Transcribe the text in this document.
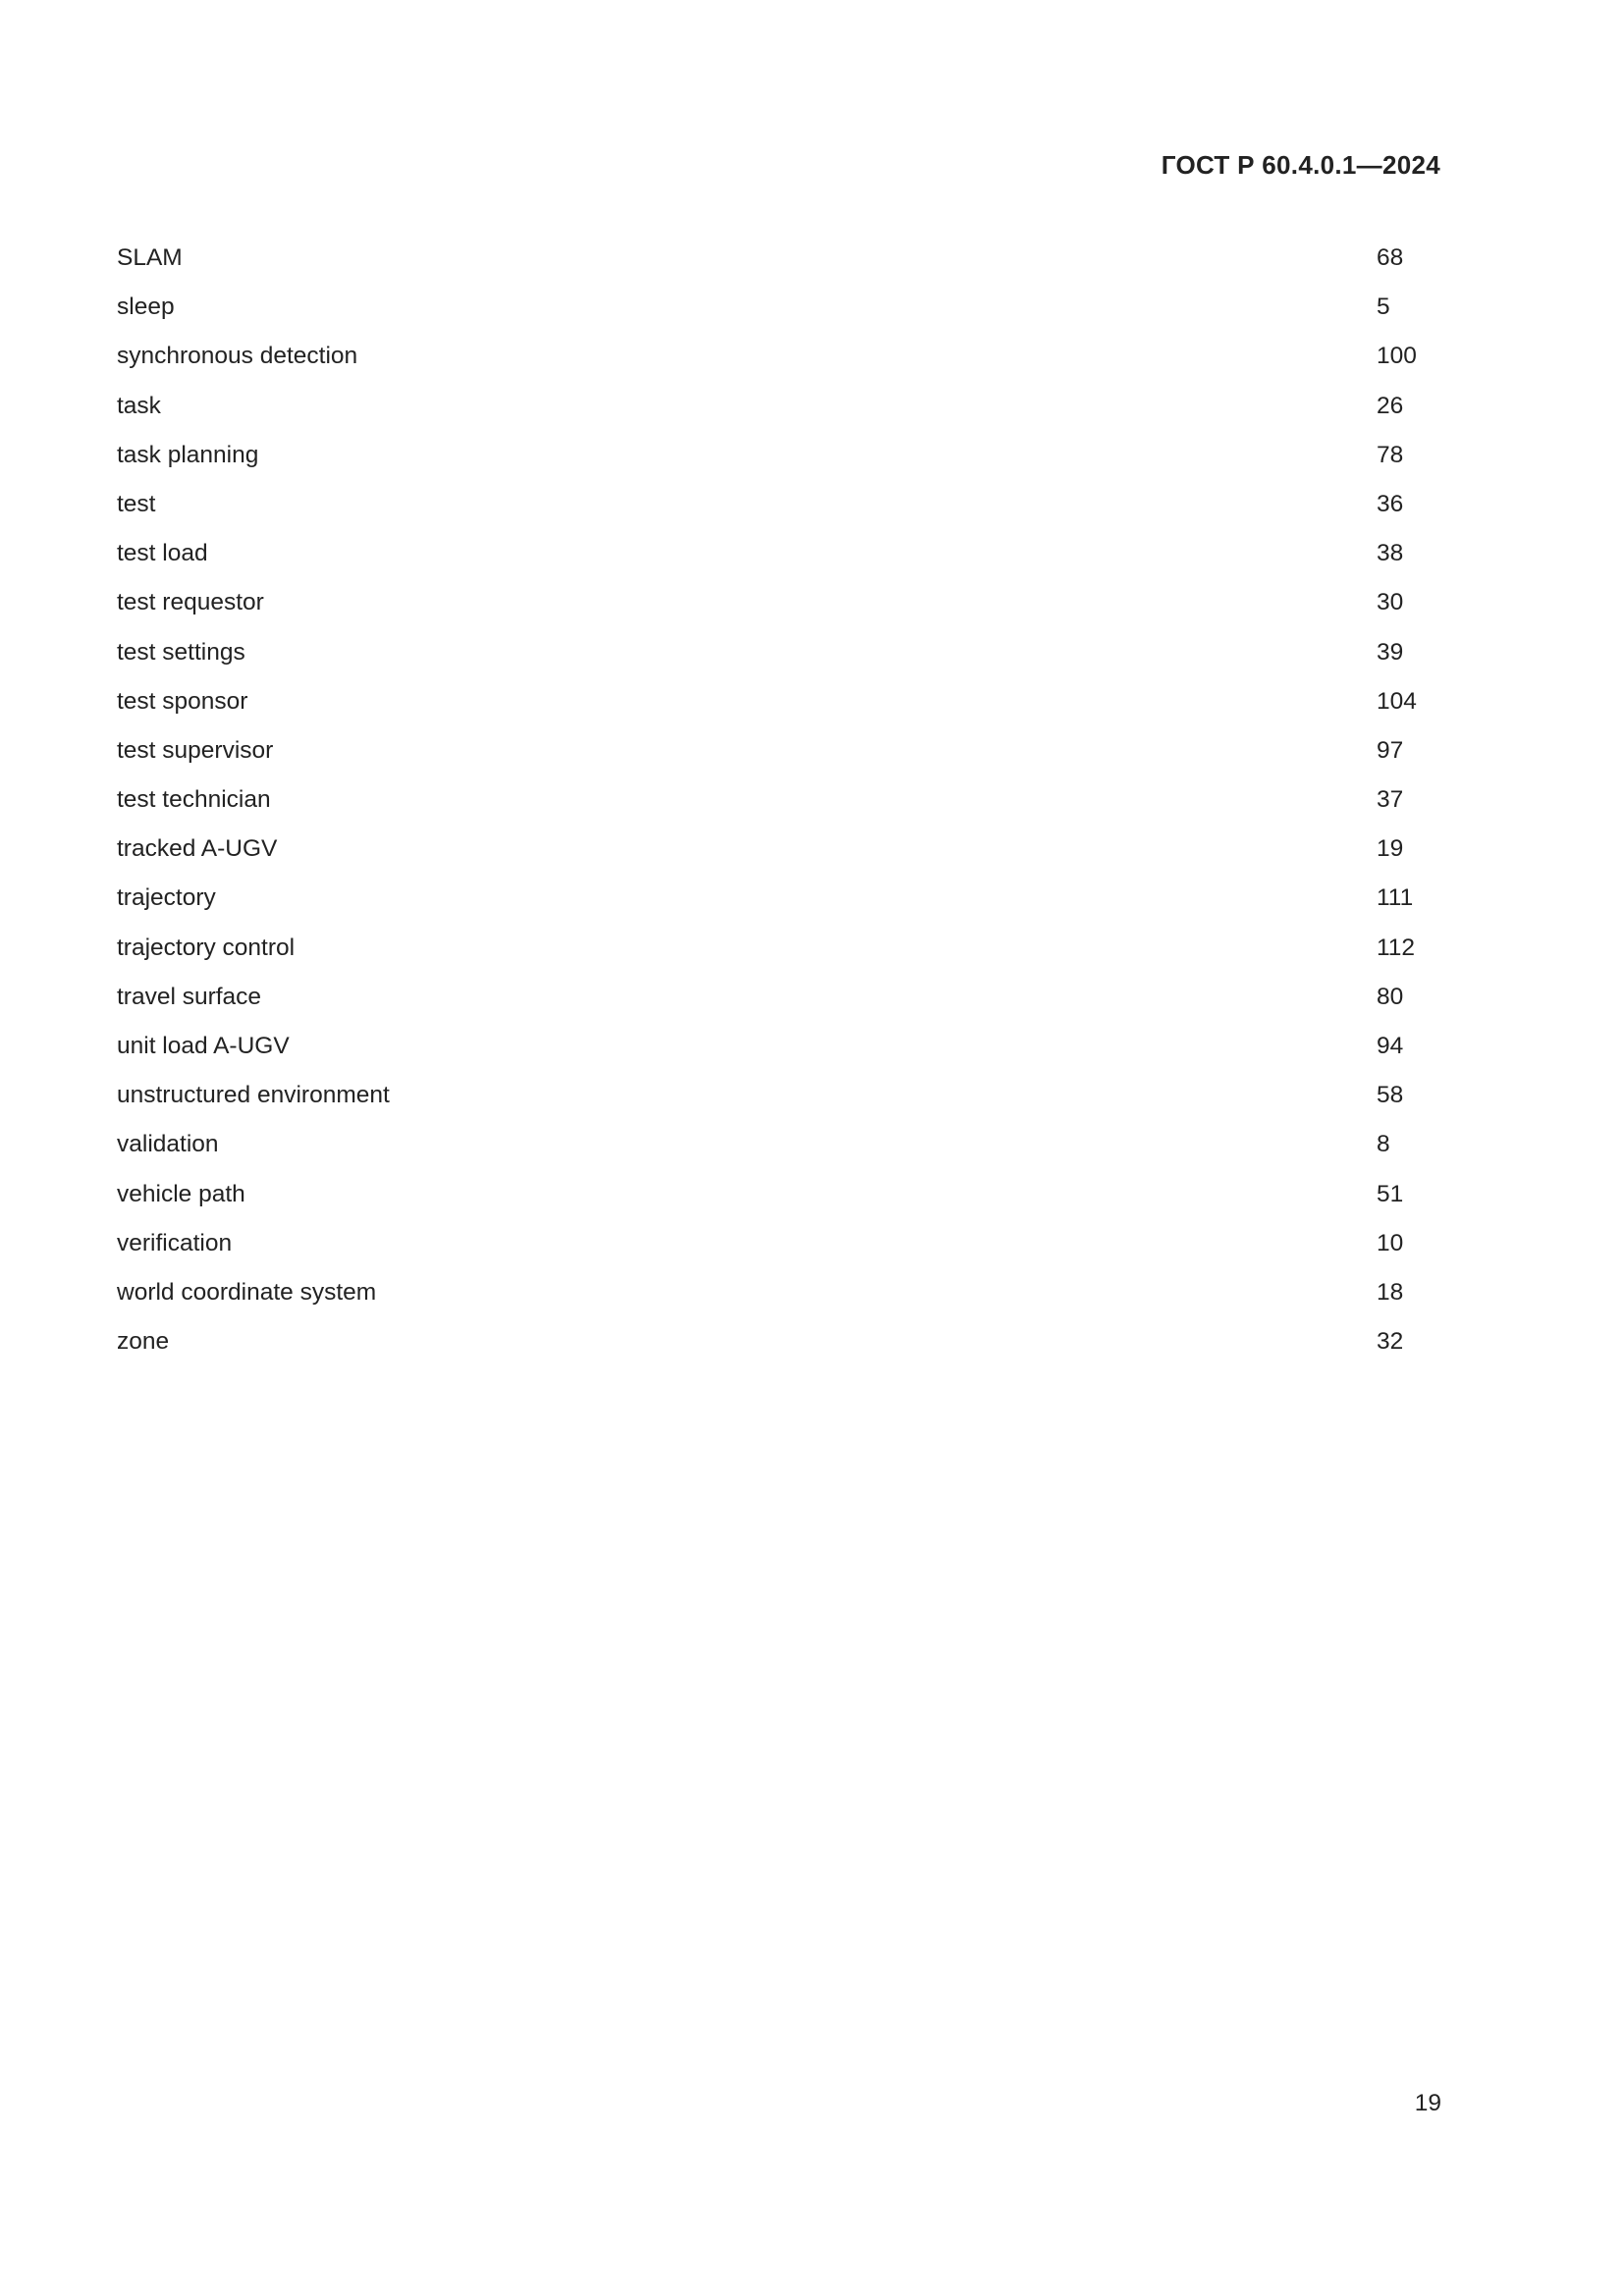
ГОСТ Р 60.4.0.1—2024
SLAM	68
sleep	5
synchronous detection	100
task	26
task planning	78
test	36
test load	38
test requestor	30
test settings	39
test sponsor	104
test supervisor	97
test technician	37
tracked A-UGV	19
trajectory	111
trajectory control	112
travel surface	80
unit load A-UGV	94
unstructured environment	58
validation	8
vehicle path	51
verification	10
world coordinate system	18
zone	32
19
